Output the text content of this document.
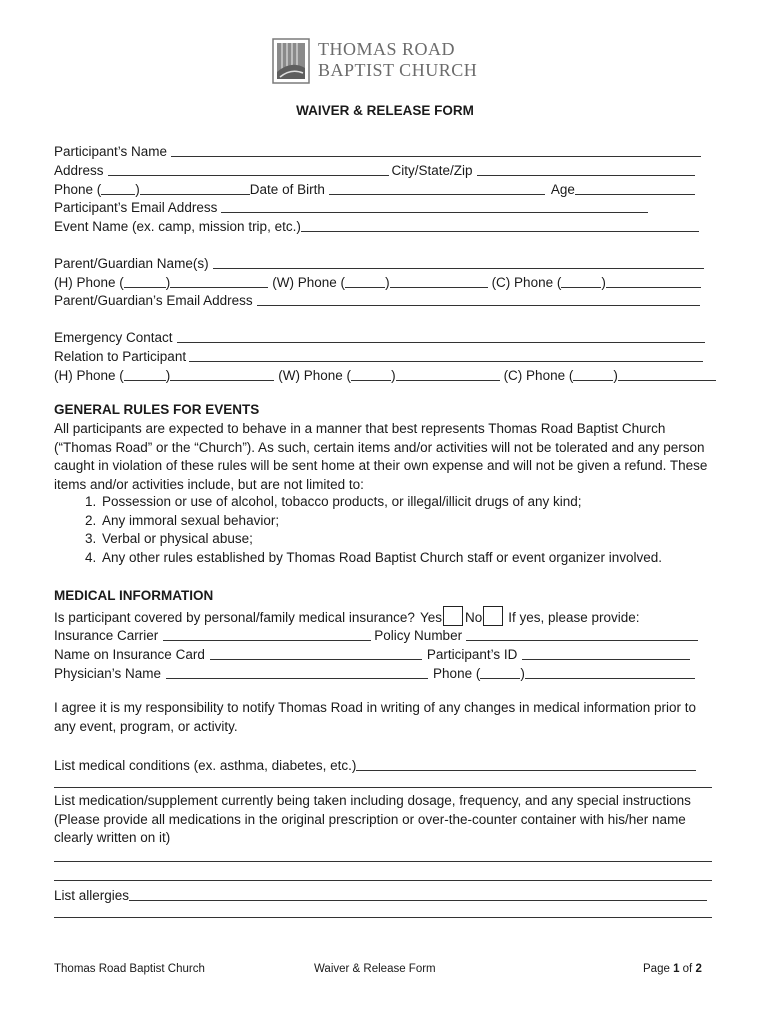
THOMAS ROAD
BAPTIST CHURCH
WAIVER & RELEASE FORM
Participant’s Name
Address	City/State/Zip
Phone (	)	Date of Birth	Age
Participant’s Email Address
Event Name (ex. camp, mission trip, etc.)
Parent/Guardian Name(s)
(H) Phone (	)	(W) Phone (	)	(C) Phone (	)
Parent/Guardian’s Email Address
Emergency Contact
Relation to Participant
(H) Phone (	)	(W) Phone (	)	(C) Phone (	)
GENERAL RULES FOR EVENTS
All participants are expected to behave in a manner that best represents Thomas Road Baptist Church (“Thomas Road” or the “Church”). As such, certain items and/or activities will not be tolerated and any person caught in violation of these rules will be sent home at their own expense and will not be given a refund. These items and/or activities include, but are not limited to:
1. Possession or use of alcohol, tobacco products, or illegal/illicit drugs of any kind;
2. Any immoral sexual behavior;
3. Verbal or physical abuse;
4. Any other rules established by Thomas Road Baptist Church staff or event organizer involved.
MEDICAL INFORMATION
Is participant covered by personal/family medical insurance? Yes No If yes, please provide:
Insurance Carrier	Policy Number
Name on Insurance Card	Participant’s ID
Physician’s Name	Phone (	)
I agree it is my responsibility to notify Thomas Road in writing of any changes in medical information prior to any event, program, or activity.
List medical conditions (ex. asthma, diabetes, etc.)
List medication/supplement currently being taken including dosage, frequency, and any special instructions (Please provide all medications in the original prescription or over-the-counter container with his/her name clearly written on it)
List allergies
Thomas Road Baptist Church	Waiver & Release Form	Page 1 of 2
